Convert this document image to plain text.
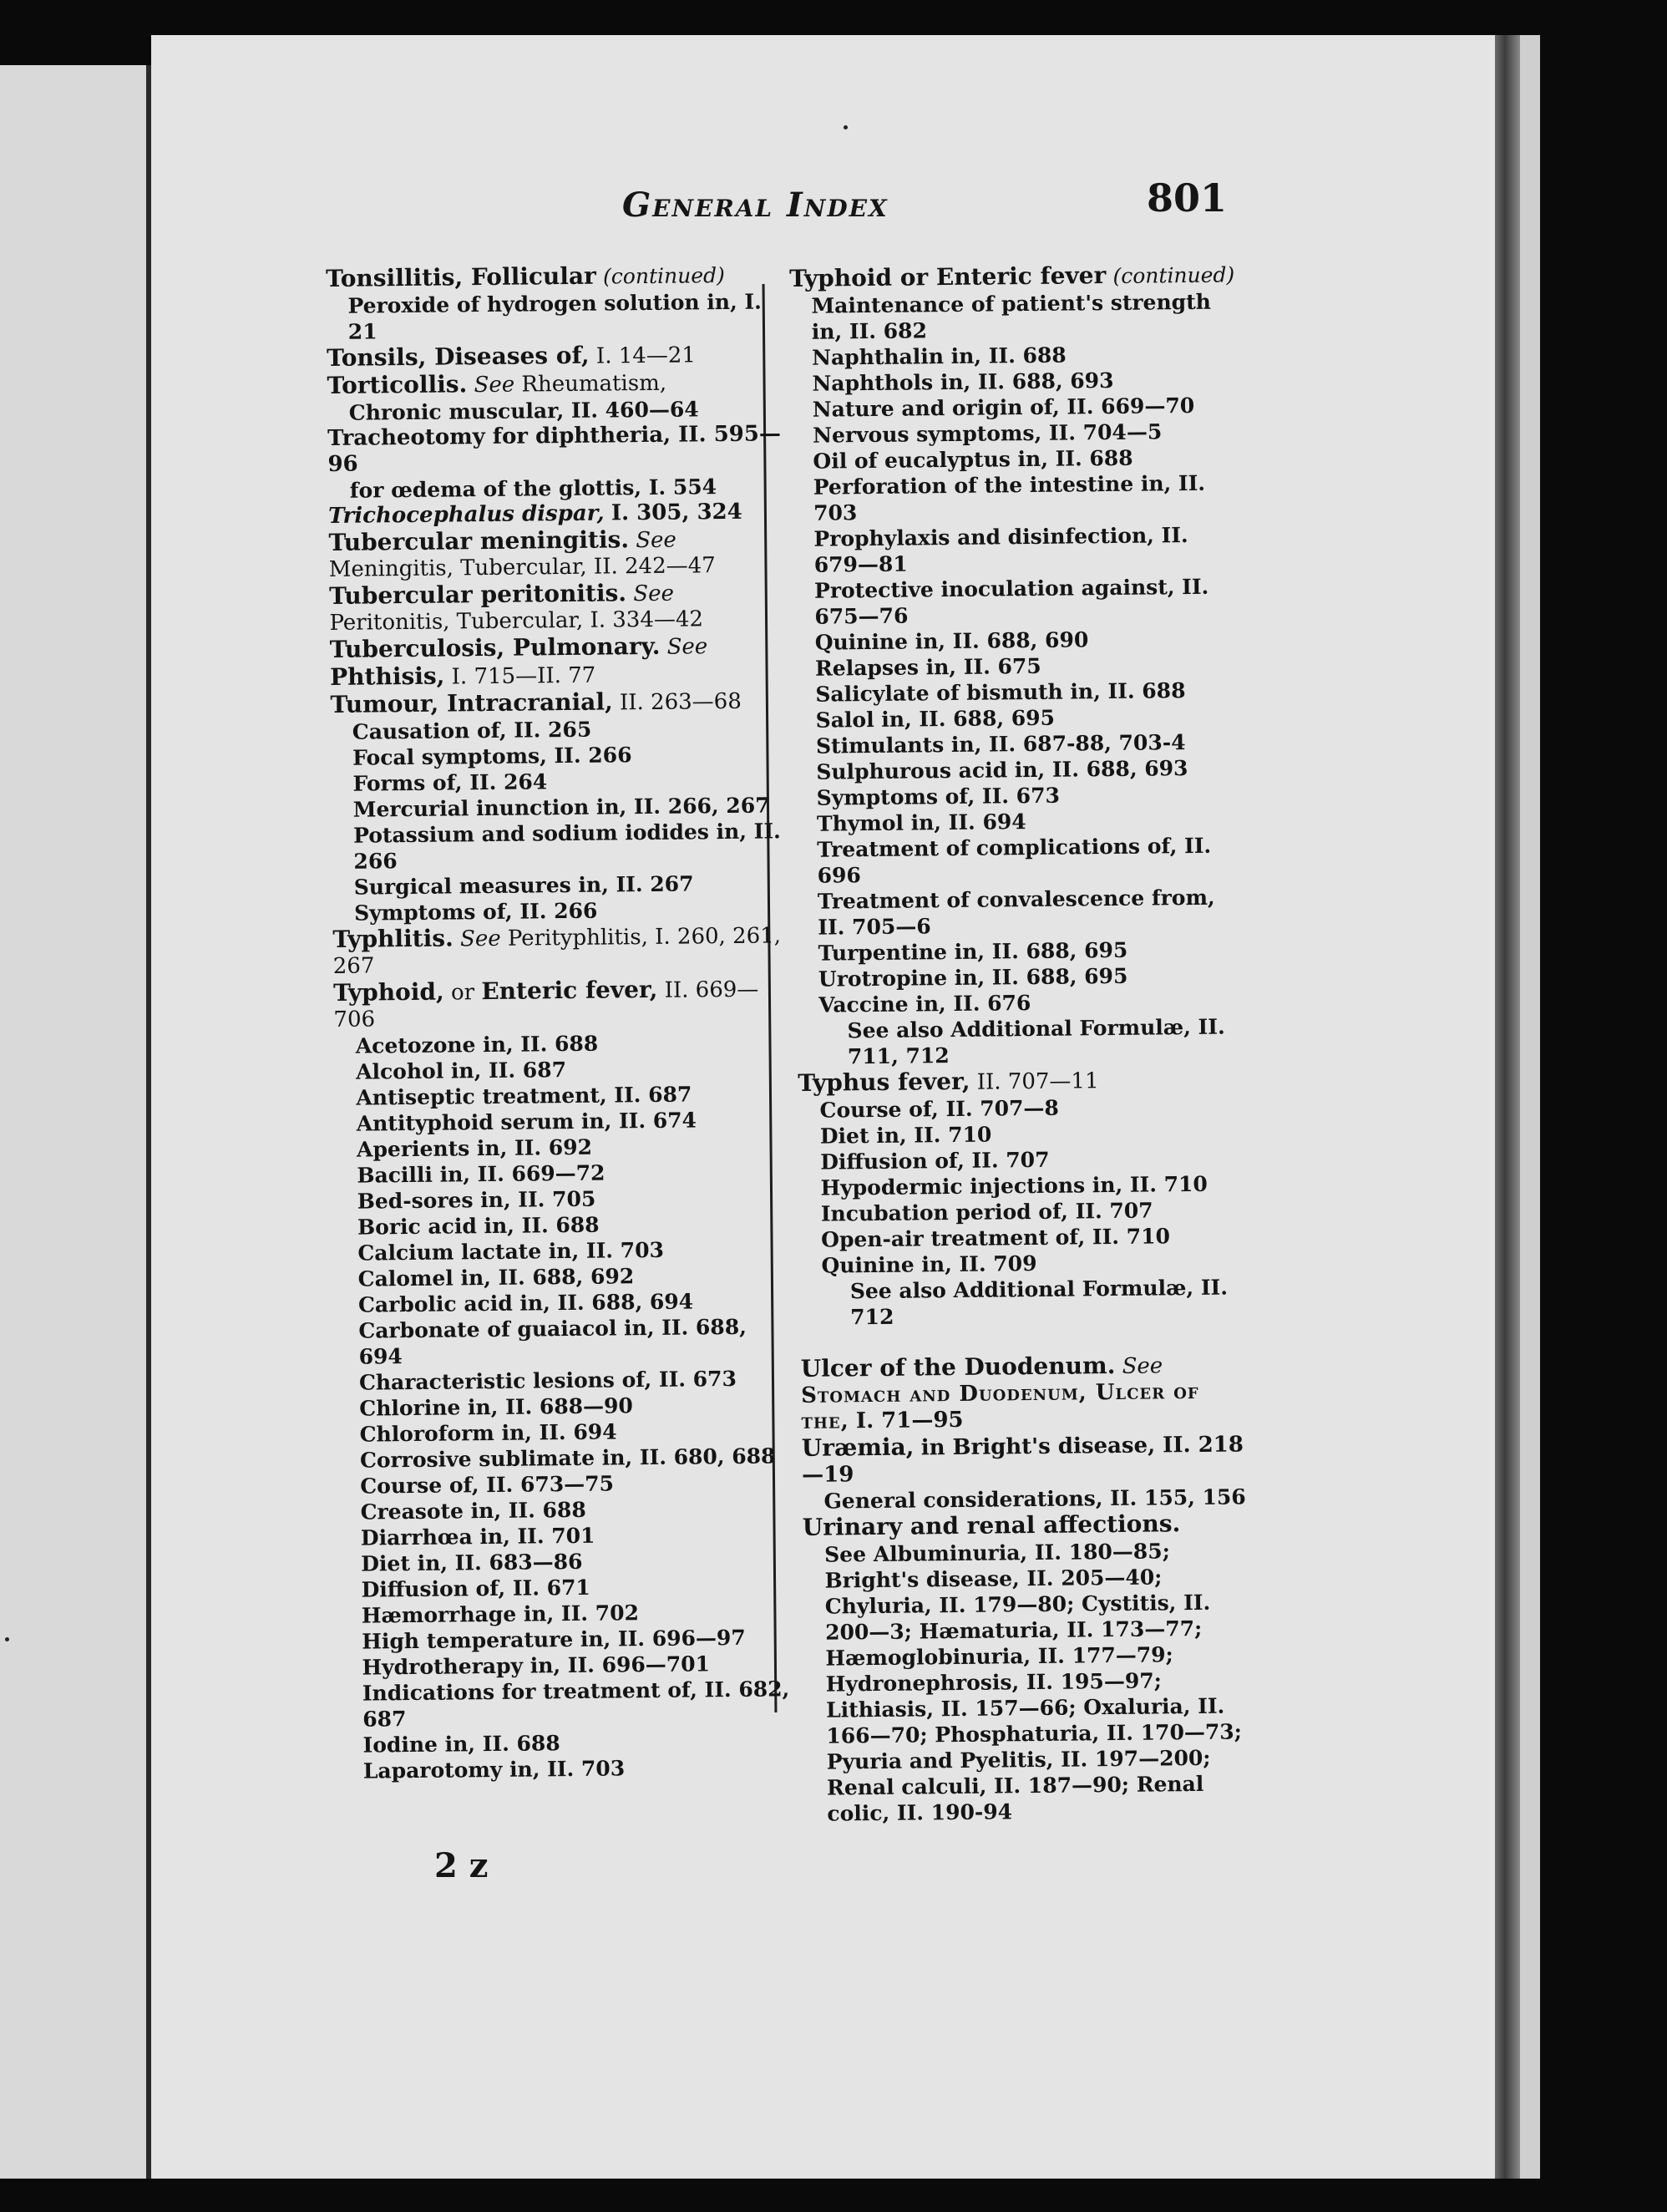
General Index	801

Tonsillitis, Follicular (continued)

Peroxide of hydrogen solution in, I. 21

Tonsils, Diseases of, I. 14—21

Torticollis. See Rheumatism,

Chronic muscular, II. 460—64

Tracheotomy for diphtheria, II. 595—96

for œdema of the glottis, I. 554

Trichocephalus dispar, I. 305, 324

Tubercular meningitis. See Meningitis, Tubercular, II. 242—47

Tubercular peritonitis. See Peritonitis, Tubercular, I. 334—42

Tuberculosis, Pulmonary. See Phthisis, I. 715—II. 77

Tumour, Intracranial, II. 263—68

Causation of, II. 265
Focal symptoms, II. 266
Forms of, II. 264
Mercurial inunction in, II. 266, 267
Potassium and sodium iodides in, II. 266
Surgical measures in, II. 267
Symptoms of, II. 266

Typhlitis. See Perityphlitis, I. 260, 261, 267

Typhoid, or Enteric fever, II. 669—706

Acetozone in, II. 688
Alcohol in, II. 687
Antiseptic treatment, II. 687
Antityphoid serum in, II. 674
Aperients in, II. 692
Bacilli in, II. 669—72
Bed-sores in, II. 705
Boric acid in, II. 688
Calcium lactate in, II. 703
Calomel in, II. 688, 692
Carbolic acid in, II. 688, 694
Carbonate of guaiacol in, II. 688, 694
Characteristic lesions of, II. 673
Chlorine in, II. 688—90
Chloroform in, II. 694
Corrosive sublimate in, II. 680, 688
Course of, II. 673—75
Creasote in, II. 688
Diarrhœa in, II. 701
Diet in, II. 683—86
Diffusion of, II. 671
Hæmorrhage in, II. 702
High temperature in, II. 696—97
Hydrotherapy in, II. 696—701
Indications for treatment of, II. 682, 687
Iodine in, II. 688
Laparotomy in, II. 703

Typhoid or Enteric fever (continued)

Maintenance of patient's strength in, II. 682
Naphthalin in, II. 688
Naphthols in, II. 688, 693
Nature and origin of, II. 669—70
Nervous symptoms, II. 704—5
Oil of eucalyptus in, II. 688
Perforation of the intestine in, II. 703
Prophylaxis and disinfection, II. 679—81
Protective inoculation against, II. 675—76
Quinine in, II. 688, 690
Relapses in, II. 675
Salicylate of bismuth in, II. 688
Salol in, II. 688, 695
Stimulants in, II. 687-88, 703-4
Sulphurous acid in, II. 688, 693
Symptoms of, II. 673
Thymol in, II. 694
Treatment of complications of, II. 696
Treatment of convalescence from, II. 705—6
Turpentine in, II. 688, 695
Urotropine in, II. 688, 695
Vaccine in, II. 676
See also Additional Formulæ, II. 711, 712

Typhus fever, II. 707—11

Course of, II. 707—8
Diet in, II. 710
Diffusion of, II. 707
Hypodermic injections in, II. 710
Incubation period of, II. 707
Open-air treatment of, II. 710
Quinine in, II. 709
See also Additional Formulæ, II. 712

Ulcer of the Duodenum. See Stomach and Duodenum, Ulcer of the, I. 71—95

Uræmia, in Bright's disease, II. 218—19

General considerations, II. 155, 156

Urinary and renal affections.

See Albuminuria, II. 180—85; Bright's disease, II. 205—40; Chyluria, II. 179—80; Cystitis, II. 200—3; Hæmaturia, II. 173—77; Hæmoglobinuria, II. 177—79; Hydronephrosis, II. 195—97; Lithiasis, II. 157—66; Oxaluria, II. 166—70; Phosphaturia, II. 170—73; Pyuria and Pyelitis, II. 197—200; Renal calculi, II. 187—90; Renal colic, II. 190-94
2 z
